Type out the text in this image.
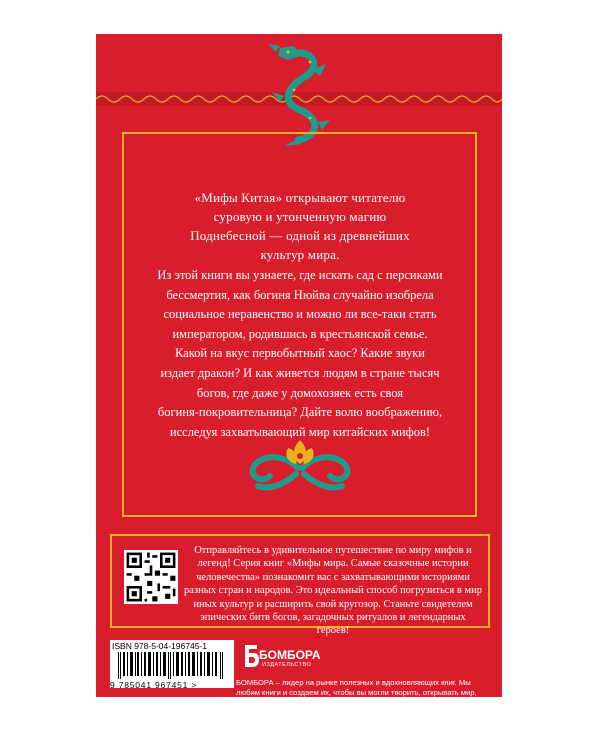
«Мифы Китая» открывают читателю
суровую и утонченную магию
Поднебесной — одной из древнейших
культур мира.
Из этой книги вы узнаете, где искать сад с персиками
бессмертия, как богиня Нюйва случайно изобрела
социальное неравенство и можно ли все-таки стать
императором, родившись в крестьянской семье.
Какой на вкус первобытный хаос? Какие звуки
издает дракон? И как живется людям в стране тысяч
богов, где даже у домохозяек есть своя
богиня-покровительница? Дайте волю воображению,
исследуя захватывающий мир китайских мифов!
Отправляйтесь в удивительное путешествие по миру мифов и легенд! Серия книг «Мифы мира. Самые сказочные истории человечества» познакомит вас с захватывающими историями разных стран и народов. Это идеальный способ погрузиться в мир иных культур и расширить свой кругозор. Станьте свидетелем эпических битв богов, загадочных ритуалов и легендарных героев!
ISBN 978-5-04-196745-1
9 785041 967451 >
БОМБОРА
ИЗДАТЕЛЬСТВО
БОМБОРА – лидер на рынке полезных и вдохновляющих книг. Мы любим книги и создаем их, чтобы вы могли творить, открывать мир, пробовать новое, расти. Быть счастливыми. Быть на волне.
